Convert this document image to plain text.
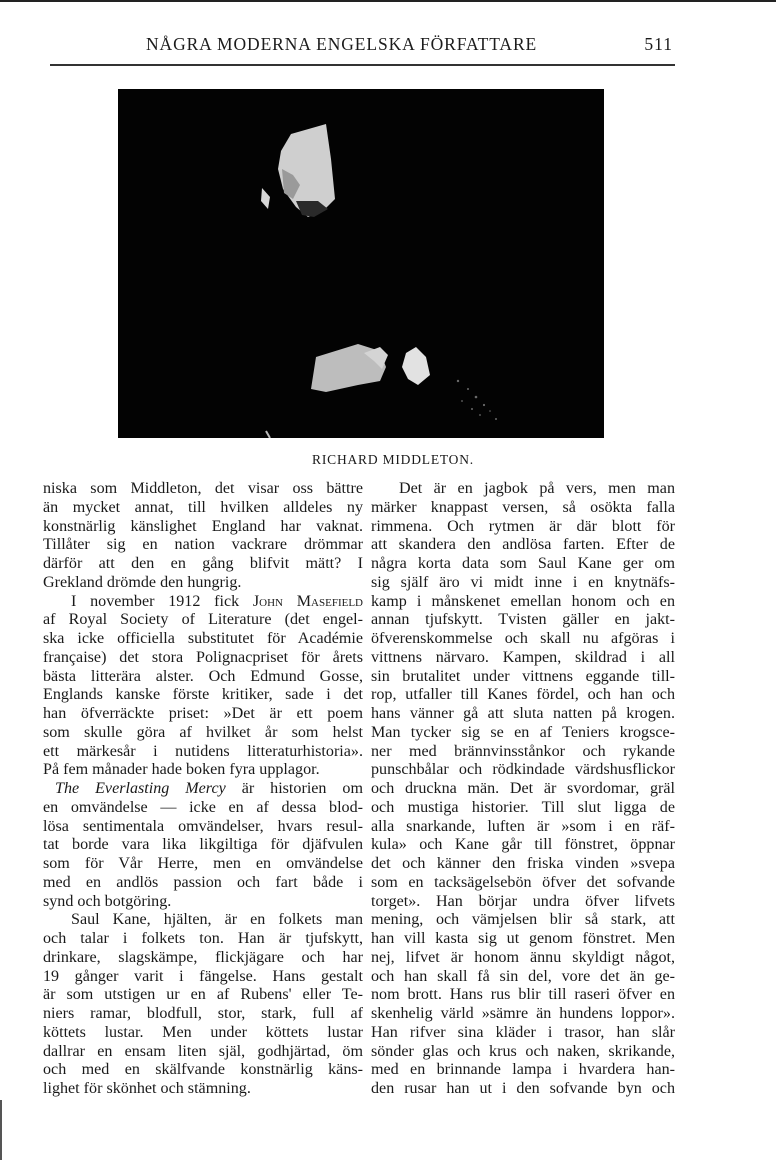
NÅGRA MODERNA ENGELSKA FÖRFATTARE	511
RICHARD MIDDLETON.
niska som Middleton, det visar oss bättre
än mycket annat, till hvilken alldeles ny
konstnärlig känslighet England har vaknat.
Tillåter sig en nation vackrare drömmar
därför att den en gång blifvit mätt? I
Grekland drömde den hungrig.
I november 1912 fick John Masefield
af Royal Society of Literature (det engel-
ska icke officiella substitutet för Académie
française) det stora Polignacpriset för årets
bästa litterära alster. Och Edmund Gosse,
Englands kanske förste kritiker, sade i det
han öfverräckte priset: »Det är ett poem
som skulle göra af hvilket år som helst
ett märkesår i nutidens litteraturhistoria».
På fem månader hade boken fyra upplagor.
The Everlasting Mercy är historien om
en omvändelse — icke en af dessa blod-
lösa sentimentala omvändelser, hvars resul-
tat borde vara lika likgiltiga för djäfvulen
som för Vår Herre, men en omvändelse
med en andlös passion och fart både i
synd och botgöring.
Saul Kane, hjälten, är en folkets man
och talar i folkets ton. Han är tjufskytt,
drinkare, slagskämpe, flickjägare och har
19 gånger varit i fängelse. Hans gestalt
är som utstigen ur en af Rubens' eller Te-
niers ramar, blodfull, stor, stark, full af
köttets lustar. Men under köttets lustar
dallrar en ensam liten själ, godhjärtad, öm
och med en skälfvande konstnärlig käns-
lighet för skönhet och stämning.
Det är en jagbok på vers, men man
märker knappast versen, så osökta falla
rimmena. Och rytmen är där blott för
att skandera den andlösa farten. Efter de
några korta data som Saul Kane ger om
sig själf äro vi midt inne i en knytnäfs-
kamp i månskenet emellan honom och en
annan tjufskytt. Tvisten gäller en jakt-
öfverenskommelse och skall nu afgöras i
vittnens närvaro. Kampen, skildrad i all
sin brutalitet under vittnens eggande till-
rop, utfaller till Kanes fördel, och han och
hans vänner gå att sluta natten på krogen.
Man tycker sig se en af Teniers krogsce-
ner med brännvinsstånkor och rykande
punschbålar och rödkindade värdshusflickor
och druckna män. Det är svordomar, gräl
och mustiga historier. Till slut ligga de
alla snarkande, luften är »som i en räf-
kula» och Kane går till fönstret, öppnar
det och känner den friska vinden »svepa
som en tacksägelsebön öfver det sofvande
torget». Han börjar undra öfver lifvets
mening, och vämjelsen blir så stark, att
han vill kasta sig ut genom fönstret. Men
nej, lifvet är honom ännu skyldigt något,
och han skall få sin del, vore det än ge-
nom brott. Hans rus blir till raseri öfver en
skenhelig värld »sämre än hundens loppor».
Han rifver sina kläder i trasor, han slår
sönder glas och krus och naken, skrikande,
med en brinnande lampa i hvardera han-
den rusar han ut i den sofvande byn och
